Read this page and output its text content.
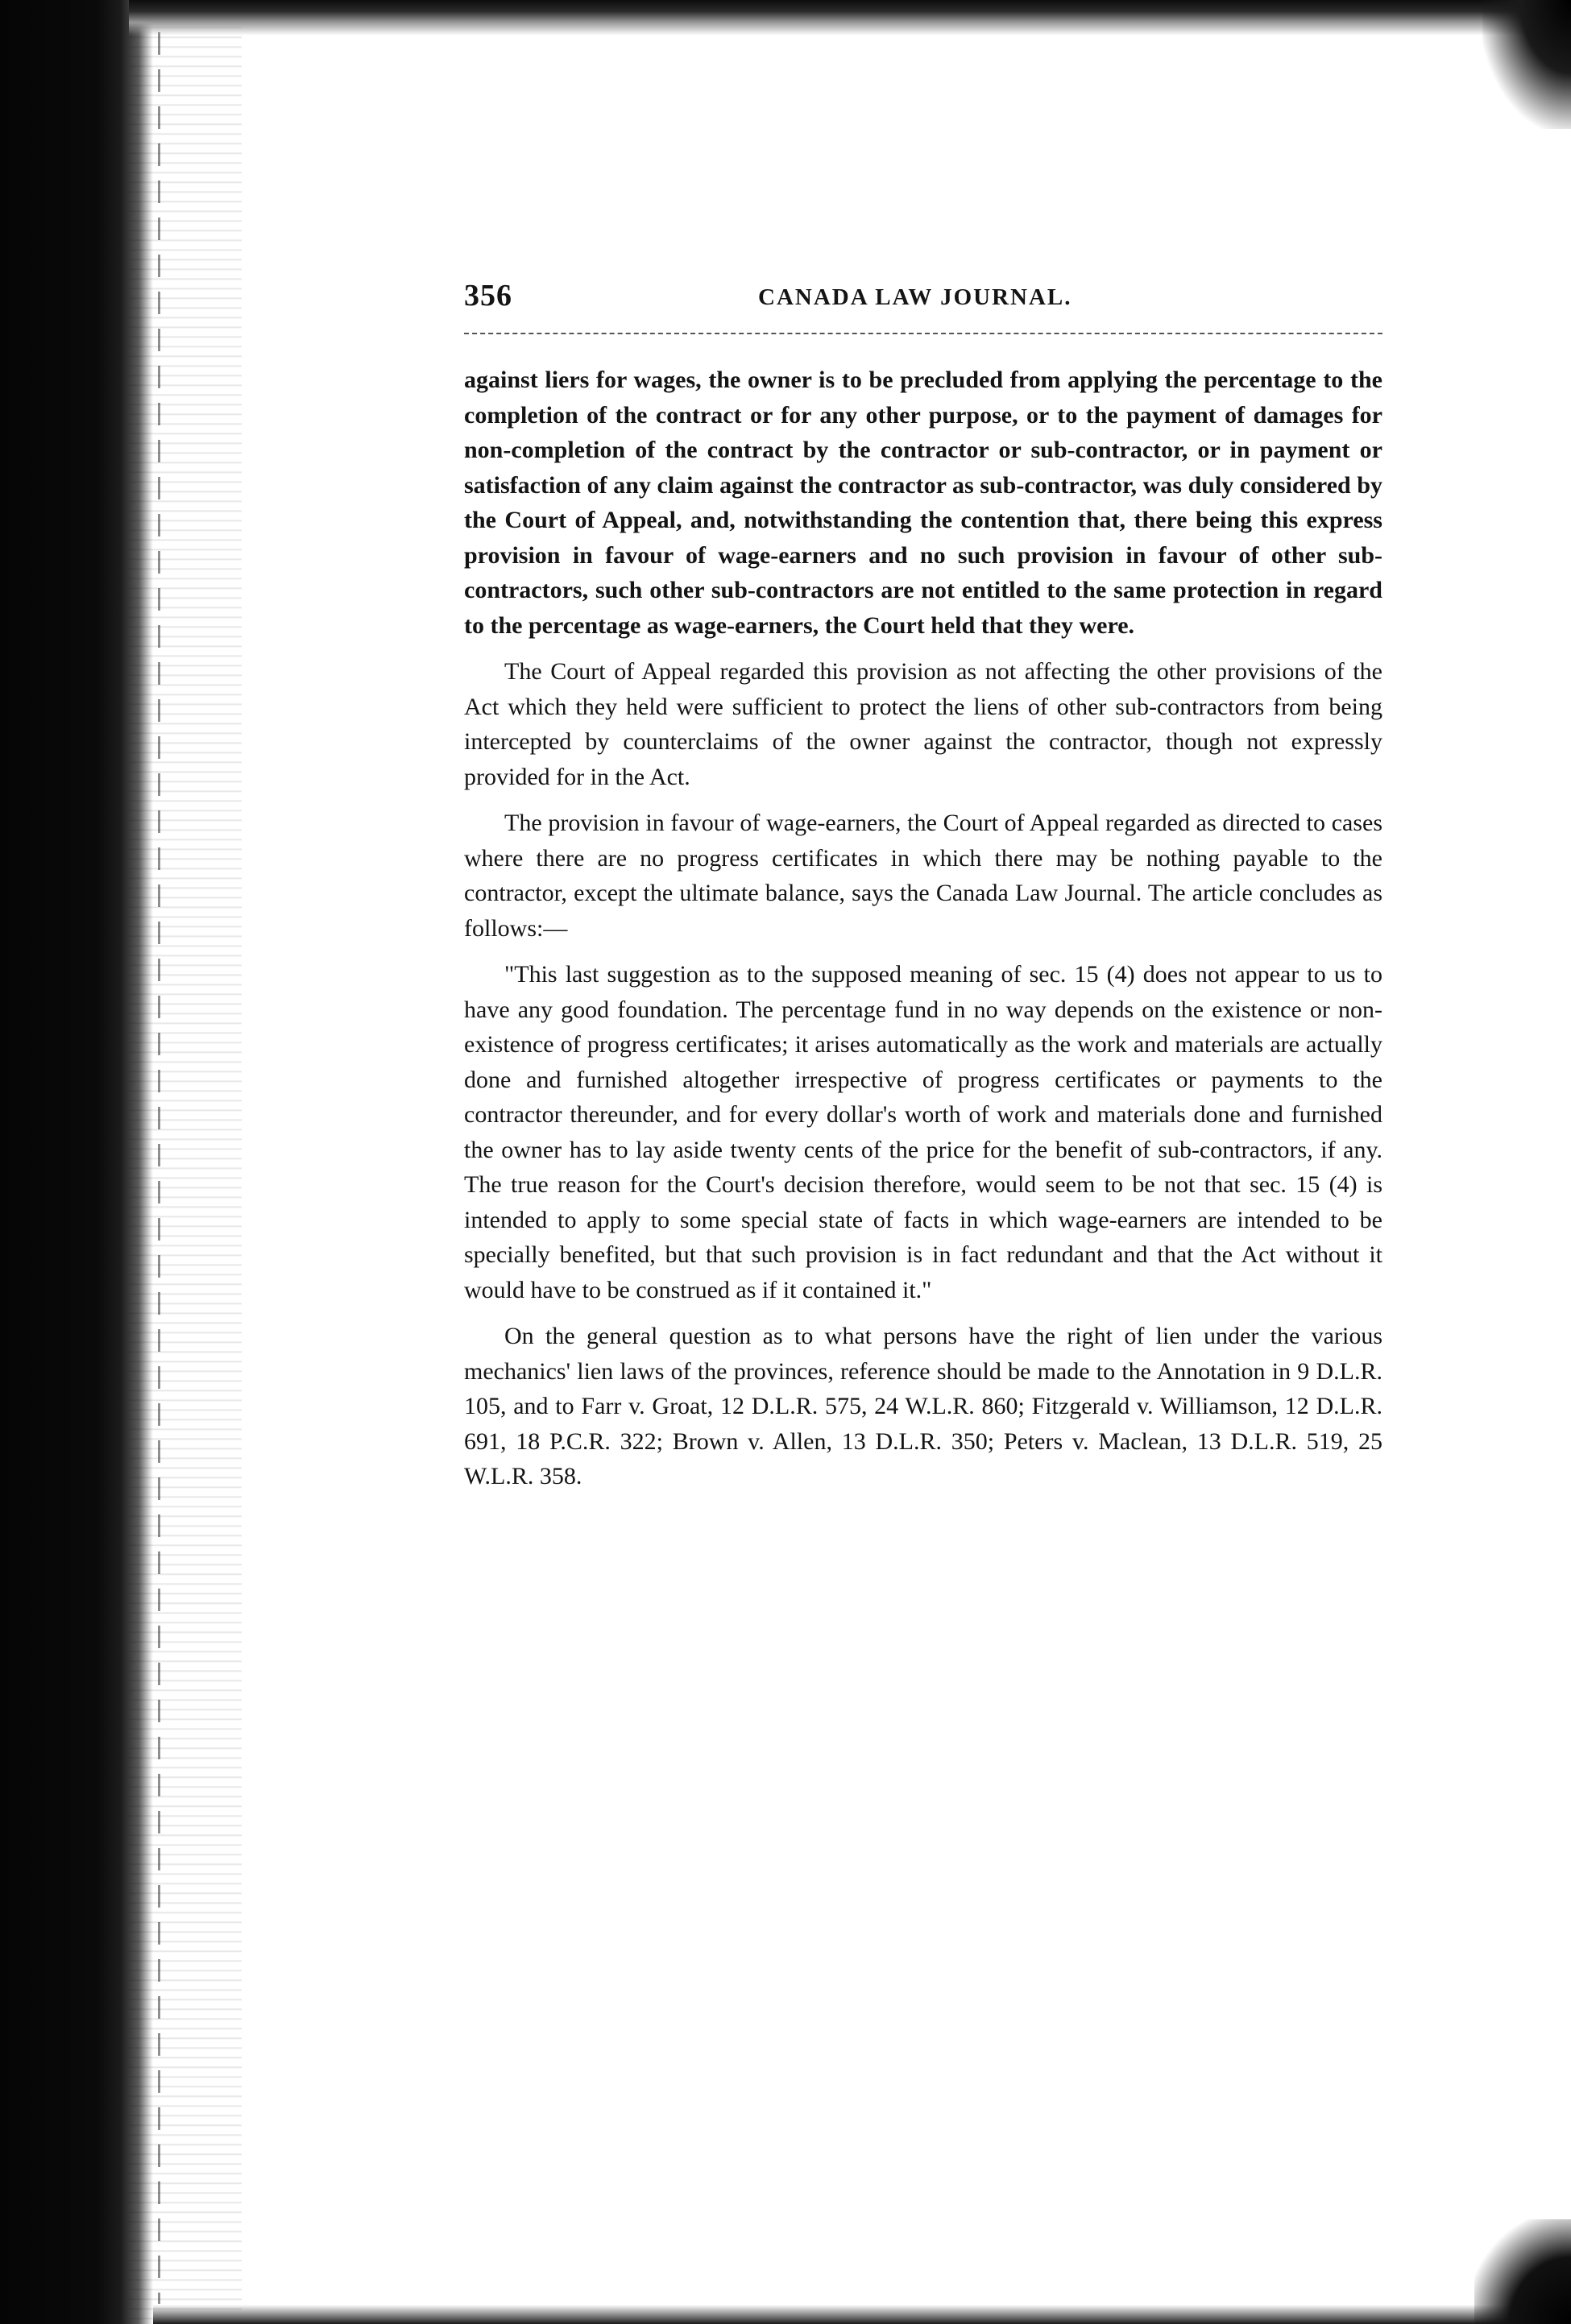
356	CANADA LAW JOURNAL.

against liers for wages, the owner is to be precluded from applying the percentage to the completion of the contract or for any other purpose, or to the payment of damages for non-completion of the contract by the contractor or sub-contractor, or in payment or satisfaction of any claim against the contractor as sub-contractor, was duly considered by the Court of Appeal, and, notwithstanding the contention that, there being this express provision in favour of wage-earners and no such provision in favour of other sub-contractors, such other sub-contractors are not entitled to the same protection in regard to the percentage as wage-earners, the Court held that they were.

The Court of Appeal regarded this provision as not affecting the other provisions of the Act which they held were sufficient to protect the liens of other sub-contractors from being intercepted by counterclaims of the owner against the contractor, though not expressly provided for in the Act.

The provision in favour of wage-earners, the Court of Appeal regarded as directed to cases where there are no progress certificates in which there may be nothing payable to the contractor, except the ultimate balance, says the Canada Law Journal. The article concludes as follows:—

"This last suggestion as to the supposed meaning of sec. 15 (4) does not appear to us to have any good foundation. The percentage fund in no way depends on the existence or non-existence of progress certificates; it arises automatically as the work and materials are actually done and furnished altogether irrespective of progress certificates or payments to the contractor thereunder, and for every dollar's worth of work and materials done and furnished the owner has to lay aside twenty cents of the price for the benefit of sub-contractors, if any. The true reason for the Court's decision therefore, would seem to be not that sec. 15 (4) is intended to apply to some special state of facts in which wage-earners are intended to be specially benefited, but that such provision is in fact redundant and that the Act without it would have to be construed as if it contained it."

On the general question as to what persons have the right of lien under the various mechanics' lien laws of the provinces, reference should be made to the Annotation in 9 D.L.R. 105, and to Farr v. Groat, 12 D.L.R. 575, 24 W.L.R. 860; Fitzgerald v. Williamson, 12 D.L.R. 691, 18 P.C.R. 322; Brown v. Allen, 13 D.L.R. 350; Peters v. Maclean, 13 D.L.R. 519, 25 W.L.R. 358.
